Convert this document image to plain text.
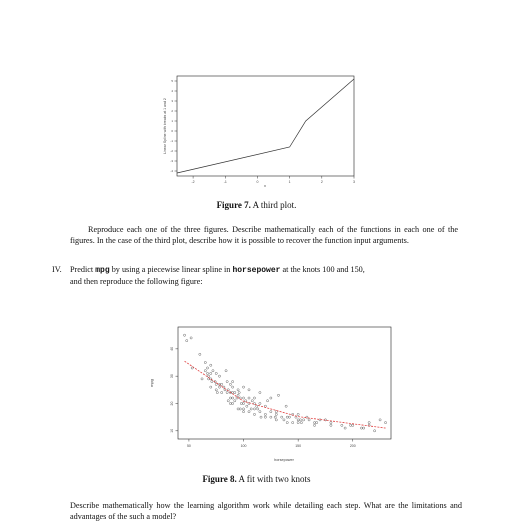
-4
-3
-2
-1
0
1
2
3
4
5
-2	-1	0	1	2	3
Linear Spline with breaks at 1 and 2
x
Figure 7. A third plot.
Reproduce each one of the three figures. Describe mathematically each of the functions in each one of the figures. In the case of the third plot, describe how it is possible to recover the function input arguments.
IV.	Predict mpg by using a piecewise linear spline in horsepower at the knots 100 and 150,
and then reproduce the following figure:
10
20
30
40
50	100	150	200
mpg
horsepower
Figure 8. A fit with two knots
Describe mathematically how the learning algorithm work while detailing each step. What are the limitations and advantages of the such a model?
